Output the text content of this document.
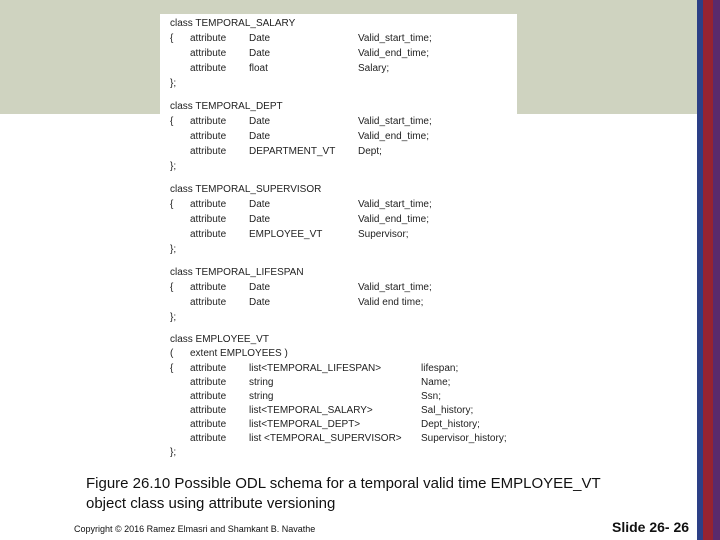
class TEMPORAL_SALARY
{ attribute Date	Valid_start_time;
attribute Date	Valid_end_time;
attribute float	Salary;
};
class TEMPORAL_DEPT
{ attribute Date	Valid_start_time;
attribute Date	Valid_end_time;
attribute DEPARTMENT_VT Dept;
};
class TEMPORAL_SUPERVISOR
{ attribute Date	Valid_start_time;
attribute Date	Valid_end_time;
attribute EMPLOYEE_VT	Supervisor;
};
class TEMPORAL_LIFESPAN
{ attribute Date	Valid_start_time;
attribute Date	Valid end time;
};
class EMPLOYEE_VT
( extent EMPLOYEES )
{ attribute list<TEMPORAL_LIFESPAN>	lifespan;
attribute string	Name;
attribute string	Ssn;
attribute list<TEMPORAL_SALARY>	Sal_history;
attribute list<TEMPORAL_DEPT>	Dept_history;
attribute list <TEMPORAL_SUPERVISOR> Supervisor_history;
};
Figure 26.10 Possible ODL schema for a temporal valid time EMPLOYEE_VT
object class using attribute versioning
Copyright © 2016 Ramez Elmasri and Shamkant B. Navathe	Slide 26- 26
